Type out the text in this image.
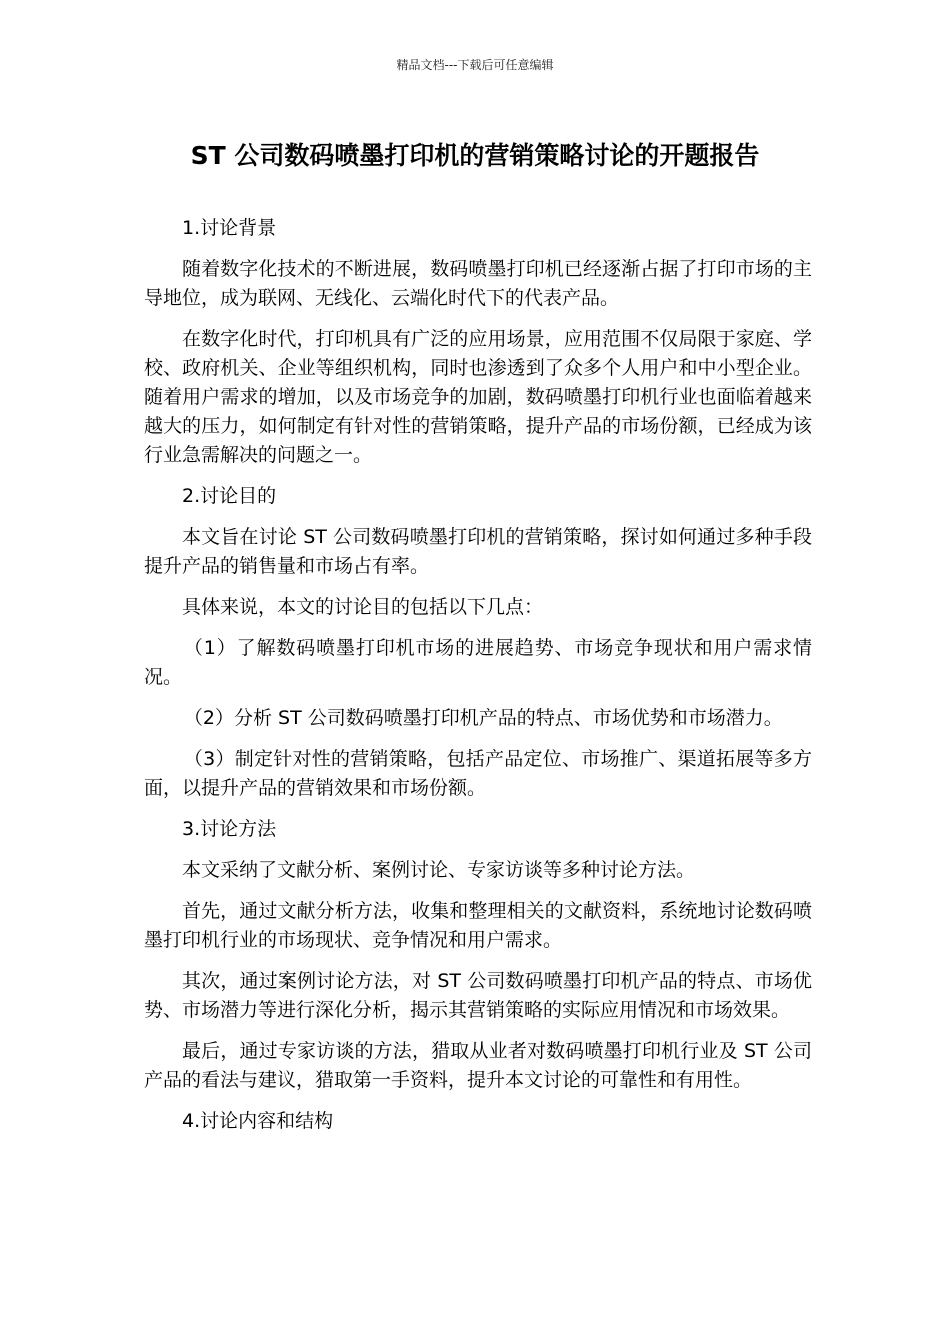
精品文档---下载后可任意编辑
ST 公司数码喷墨打印机的营销策略讨论的开题报告

1.讨论背景

随着数字化技术的不断进展，数码喷墨打印机已经逐渐占据了打印市场的主导地位，成为联网、无线化、云端化时代下的代表产品。

在数字化时代，打印机具有广泛的应用场景，应用范围不仅局限于家庭、学校、政府机关、企业等组织机构，同时也渗透到了众多个人用户和中小型企业。随着用户需求的增加，以及市场竞争的加剧，数码喷墨打印机行业也面临着越来越大的压力，如何制定有针对性的营销策略，提升产品的市场份额，已经成为该行业急需解决的问题之一。

2.讨论目的

本文旨在讨论 ST 公司数码喷墨打印机的营销策略，探讨如何通过多种手段提升产品的销售量和市场占有率。

具体来说，本文的讨论目的包括以下几点：

（1）了解数码喷墨打印机市场的进展趋势、市场竞争现状和用户需求情况。

（2）分析 ST 公司数码喷墨打印机产品的特点、市场优势和市场潜力。

（3）制定针对性的营销策略，包括产品定位、市场推广、渠道拓展等多方面，以提升产品的营销效果和市场份额。

3.讨论方法

本文采纳了文献分析、案例讨论、专家访谈等多种讨论方法。

首先，通过文献分析方法，收集和整理相关的文献资料，系统地讨论数码喷墨打印机行业的市场现状、竞争情况和用户需求。

其次，通过案例讨论方法，对 ST 公司数码喷墨打印机产品的特点、市场优势、市场潜力等进行深化分析，揭示其营销策略的实际应用情况和市场效果。

最后，通过专家访谈的方法，猎取从业者对数码喷墨打印机行业及 ST 公司产品的看法与建议，猎取第一手资料，提升本文讨论的可靠性和有用性。

4.讨论内容和结构
